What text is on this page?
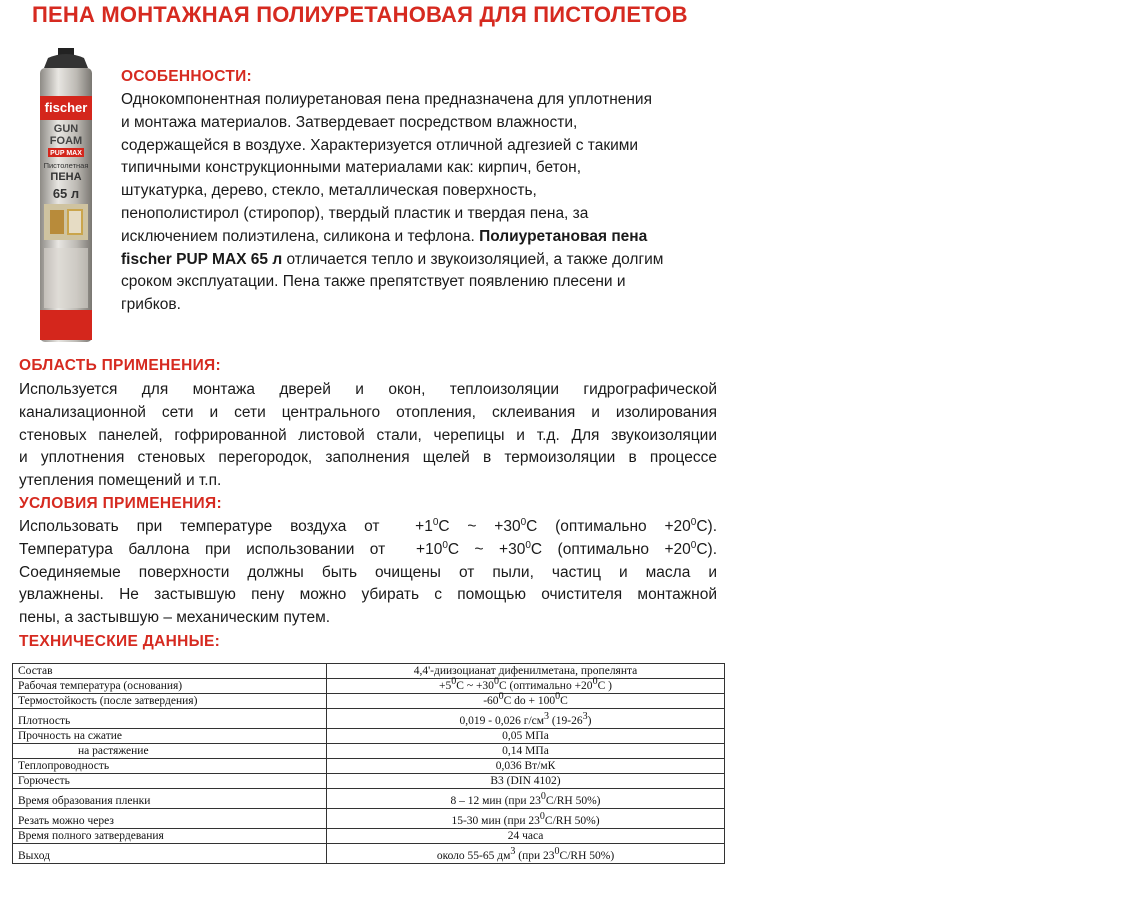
ПЕНА МОНТАЖНАЯ ПОЛИУРЕТАНОВАЯ ДЛЯ ПИСТОЛЕТОВ
fischer
GUN
FOAM
PUP MAX
Пистолетная
ПЕНА
65 л
ОСОБЕННОСТИ:
Однокомпонентная полиуретановая пена предназначена для уплотнения
и монтажа материалов. Затвердевает посредством влажности,
содержащейся в воздухе. Характеризуется отличной адгезией с такими
типичными конструкционными материалами как: кирпич, бетон,
штукатурка, дерево, стекло, металлическая поверхность,
пенополистирол (стиропор), твердый пластик и твердая пена, за
исключением полиэтилена, силикона и тефлона. Полиуретановая пена
fischer PUP MAX 65 л отличается тепло и звукоизоляцией, а также долгим
сроком эксплуатации. Пена также препятствует появлению плесени и
грибков.
ОБЛАСТЬ ПРИМЕНЕНИЯ:
Используется для монтажа дверей и окон, теплоизоляции гидрографической
канализационной сети и сети центрального отопления, склеивания и изолирования
стеновых панелей, гофрированной листовой стали, черепицы и т.д. Для звукоизоляции
и уплотнения стеновых перегородок, заполнения щелей в термоизоляции в процессе
утепления помещений и т.п.
УСЛОВИЯ ПРИМЕНЕНИЯ:
Использовать при температуре воздуха от  $+1^0C$ ~ $+30^0C$ (оптимально $+20^0C$).
Температура баллона при использовании от  $+10^0C$ ~ $+30^0C$ (оптимально $+20^0C$).
Соединяемые поверхности должны быть очищены от пыли, частиц и масла и
увлажнены. Не застывшую пену можно убирать с помощью очистителя монтажной
пены, а застывшую – механическим путем.
ТЕХНИЧЕСКИЕ ДАННЫЕ:
Состав	4,4'-диизоцианат дифенилметана, пропелянта
Рабочая температура (основания)	$+5^0C$ ~ $+30^0C$ (оптимально $+20^0C$ )
Термостойкость (после затвердения)	$-60^0C$ do + $100^0C$
Плотность	0,019 - 0,026 $г/см^3$ $(19-26^3)$
Прочность на сжатие	0,05 МПа
на растяжение	0,14 МПа
Теплопроводность	0,036 Вт/мК
Горючесть	B3 (DIN 4102)
Время образования пленки	8 – 12 мин (при $23^0C/RH$ 50%)
Резать можно через	15-30 мин (при $23^0C/RH$ 50%)
Время полного затвердевания	24 часа
Выход	около 55-65 $дм^3$ (при $23^0C/RH$ 50%)
